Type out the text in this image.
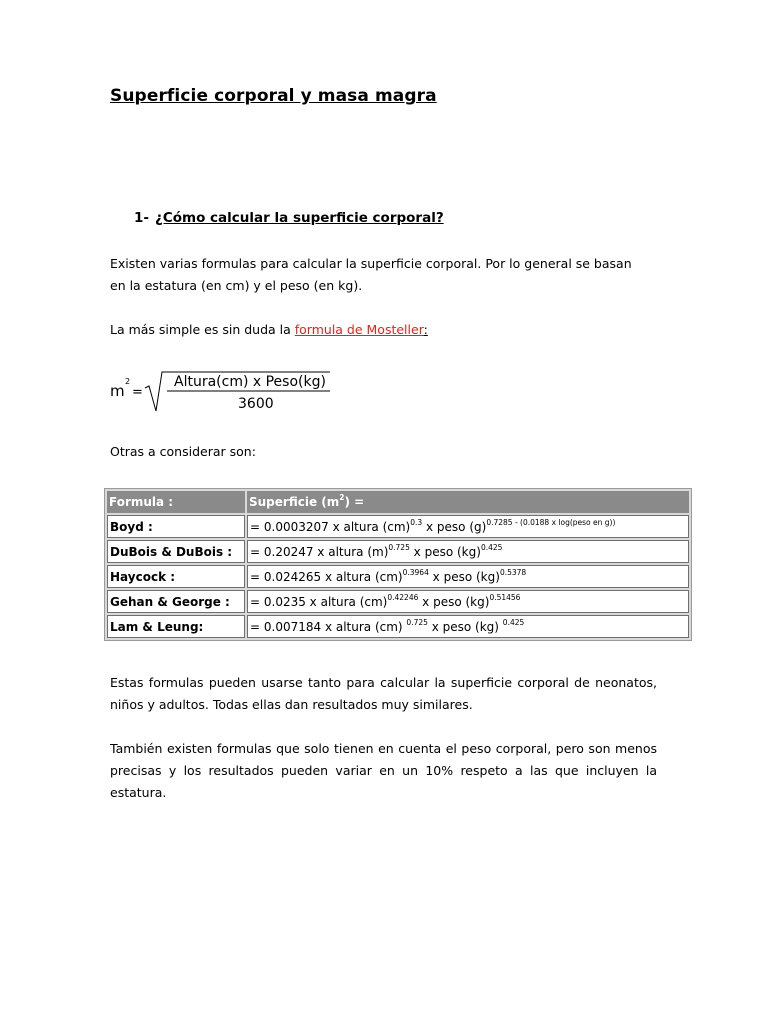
Superficie corporal y masa magra
1- ¿Cómo calcular la superficie corporal?
Existen varias formulas para calcular la superficie corporal. Por lo general se basan
en la estatura (en cm) y el peso (en kg).
La más simple es sin duda la formula de Mosteller:
m
2
=
Altura(cm) x Peso(kg)
3600
Otras a considerar son:
Formula :	Superficie $(m^2)$ =
Boyd :	= 0.0003207 x altura (cm)$^{0.3}$ x peso $(g)^{0.7285 - (0.0188 x log(peso en g))}$
DuBois & DuBois :	= 0.20247 x altura $(m)^{0.725}$ x peso (kg)$^{0.425}$
Haycock :	= 0.024265 x altura (cm)$^{0.3964}$ x peso (kg)$^{0.5378}$
Gehan & George :	= 0.0235 x altura (cm)$^{0.42246}$ x peso (kg)$^{0.51456}$
Lam & Leung:	= 0.007184 x altura (cm) $^{0.725}$ x peso (kg) $^{0.425}$
Estas formulas pueden usarse tanto para calcular la superficie corporal de neonatos, niños y adultos. Todas ellas dan resultados muy similares.
También existen formulas que solo tienen en cuenta el peso corporal, pero son menos precisas y los resultados pueden variar en un 10% respeto a las que incluyen la estatura.
